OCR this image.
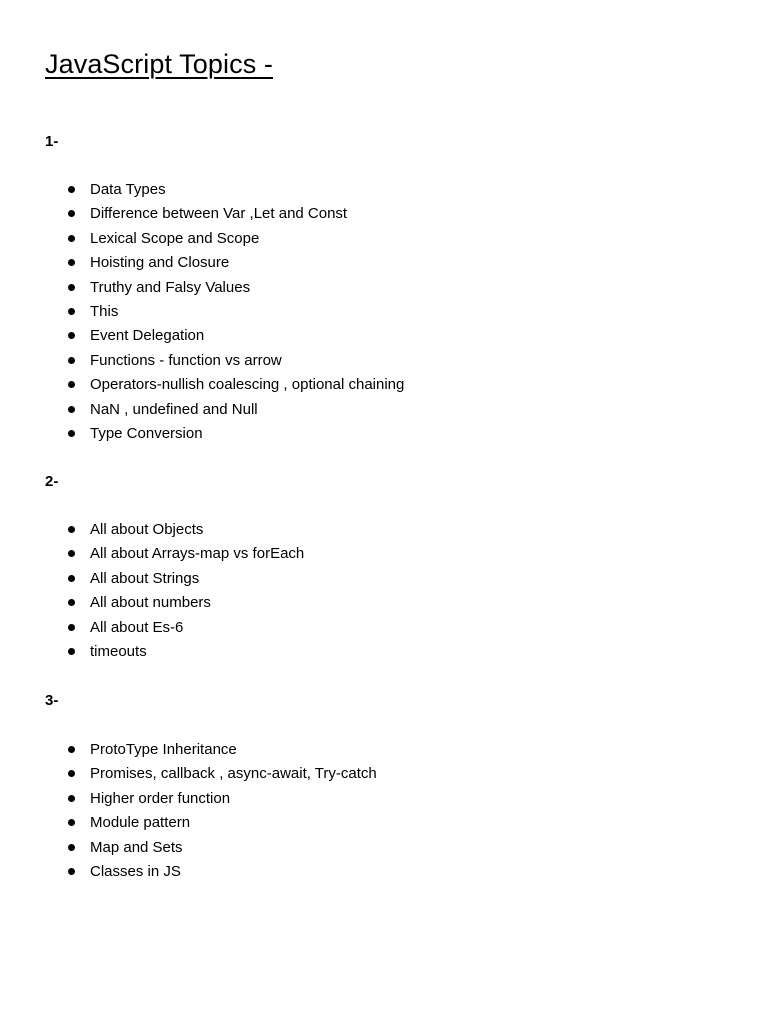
JavaScript Topics -
1-
Data Types
Difference between Var ,Let and Const
Lexical Scope and Scope
Hoisting and Closure
Truthy and Falsy Values
This
Event Delegation
Functions - function vs arrow
Operators-nullish coalescing , optional chaining
NaN , undefined and Null
Type Conversion
2-
All about Objects
All about Arrays-map vs forEach
All about Strings
All about numbers
All about Es-6
timeouts
3-
ProtoType Inheritance
Promises, callback , async-await, Try-catch
Higher order function
Module pattern
Map and Sets
Classes in JS
